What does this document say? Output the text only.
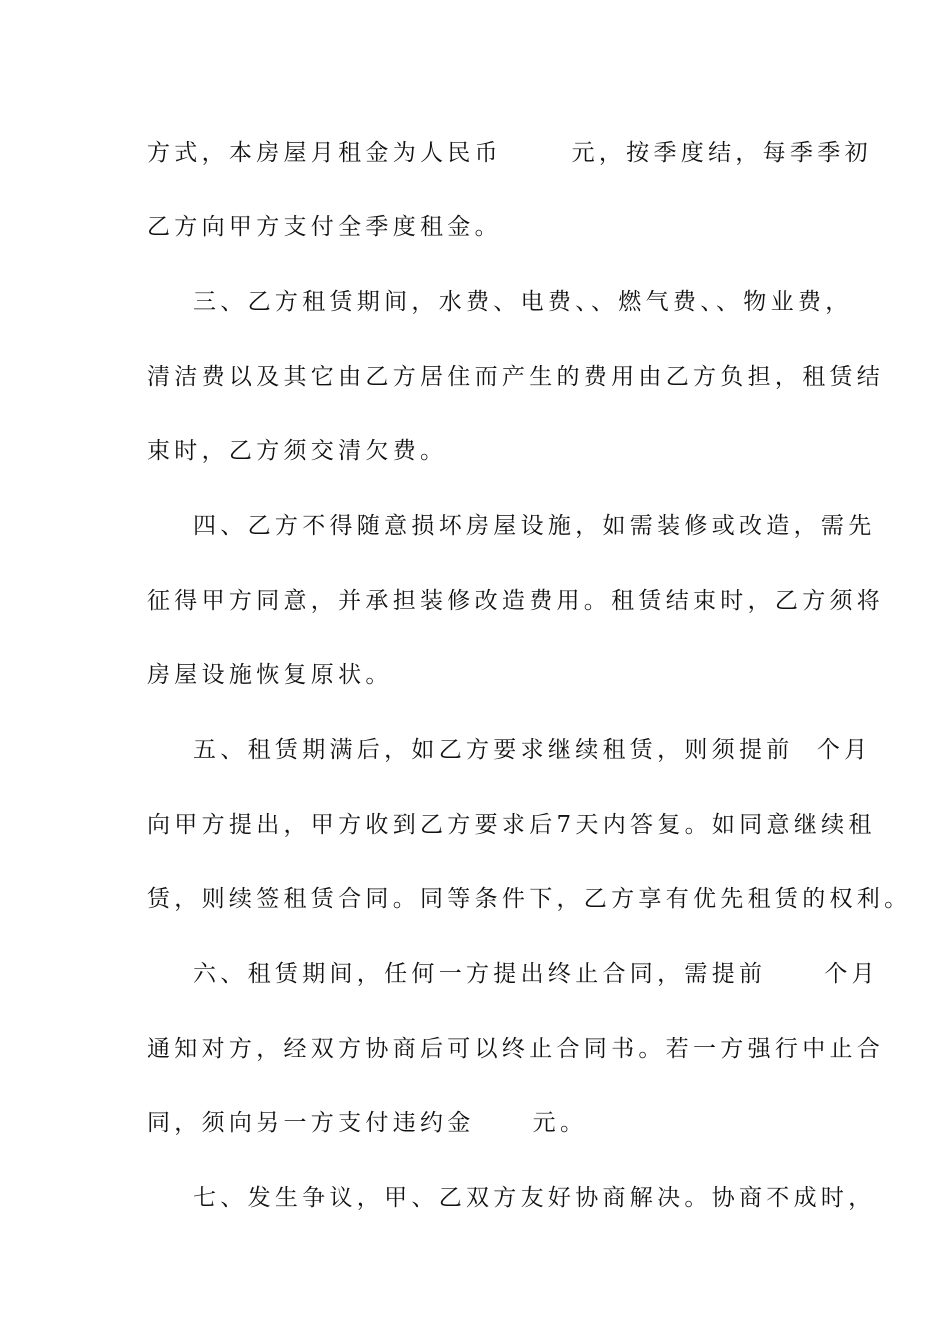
方式，本房屋月租金为人民币      元，按季度结，每季季初
乙方向甲方支付全季度租金。
三、乙方租赁期间，水费、电费、、燃气费、、物业费，
清洁费以及其它由乙方居住而产生的费用由乙方负担，租赁结
束时，乙方须交清欠费。
四、乙方不得随意损坏房屋设施，如需装修或改造，需先
征得甲方同意，并承担装修改造费用。租赁结束时，乙方须将
房屋设施恢复原状。
五、租赁期满后，如乙方要求继续租赁，则须提前  个月
向甲方提出，甲方收到乙方要求后7天内答复。如同意继续租
赁，则续签租赁合同。同等条件下，乙方享有优先租赁的权利。
六、租赁期间，任何一方提出终止合同，需提前     个月
通知对方，经双方协商后可以终止合同书。若一方强行中止合
同，须向另一方支付违约金     元。
七、发生争议，甲、乙双方友好协商解决。协商不成时，
